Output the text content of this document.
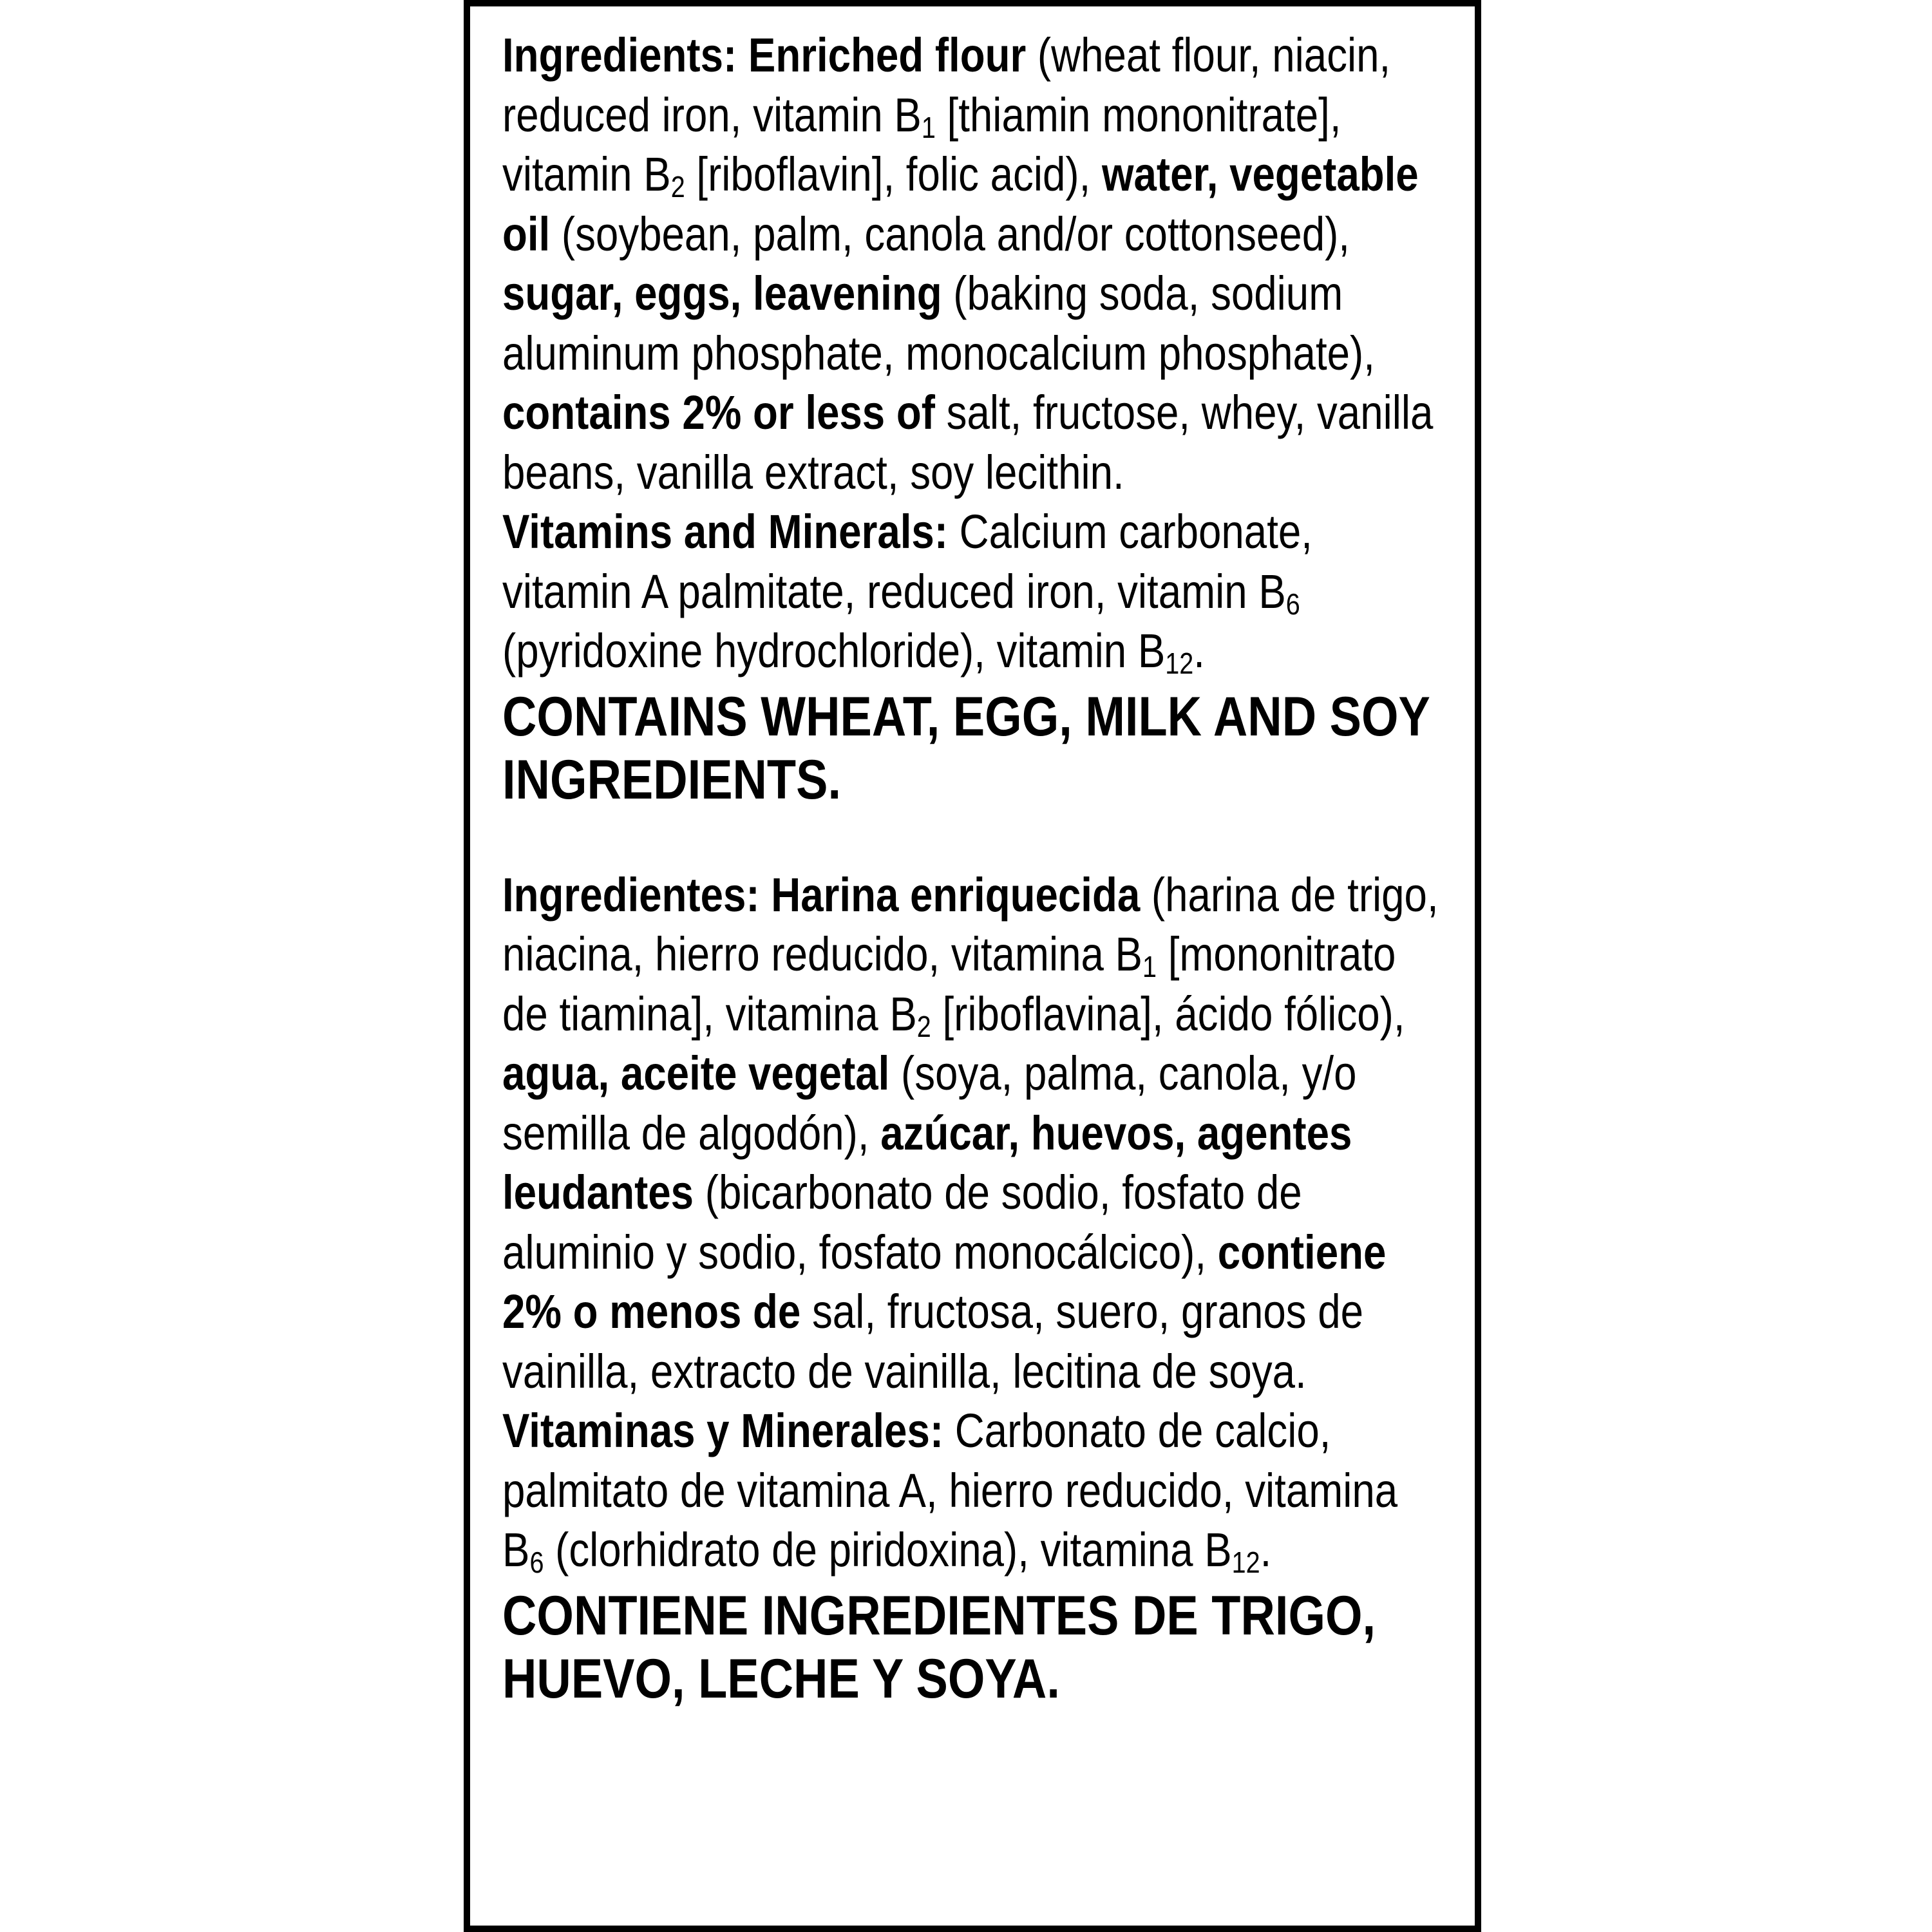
Ingredients: Enriched flour (wheat flour, niacin, reduced iron, vitamin $B_1$ [thiamin mononitrate], vitamin $B_2$ [riboflavin], folic acid), water, vegetable oil (soybean, palm, canola and/or cottonseed), sugar, eggs, leavening (baking soda, sodium aluminum phosphate, monocalcium phosphate), contains 2% or less of salt, fructose, whey, vanilla beans, vanilla extract, soy lecithin.

Vitamins and Minerals: Calcium carbonate, vitamin A palmitate, reduced iron, vitamin $B_6$ (pyridoxine hydrochloride), vitamin $B_{12}$.

CONTAINS WHEAT, EGG, MILK AND SOY INGREDIENTS.

Ingredientes: Harina enriquecida (harina de trigo, niacina, hierro reducido, vitamina $B_1$ [mononitrato de tiamina], vitamina $B_2$ [riboflavina], ácido fólico), agua, aceite vegetal (soya, palma, canola, y/o semilla de algodón), azúcar, huevos, agentes leudantes (bicarbonato de sodio, fosfato de aluminio y sodio, fosfato monocálcico), contiene 2% o menos de sal, fructosa, suero, granos de vainilla, extracto de vainilla, lecitina de soya.

Vitaminas y Minerales: Carbonato de calcio, palmitato de vitamina A, hierro reducido, vitamina $B_6$ (clorhidrato de piridoxina), vitamina $B_{12}$.

CONTIENE INGREDIENTES DE TRIGO, HUEVO, LECHE Y SOYA.
